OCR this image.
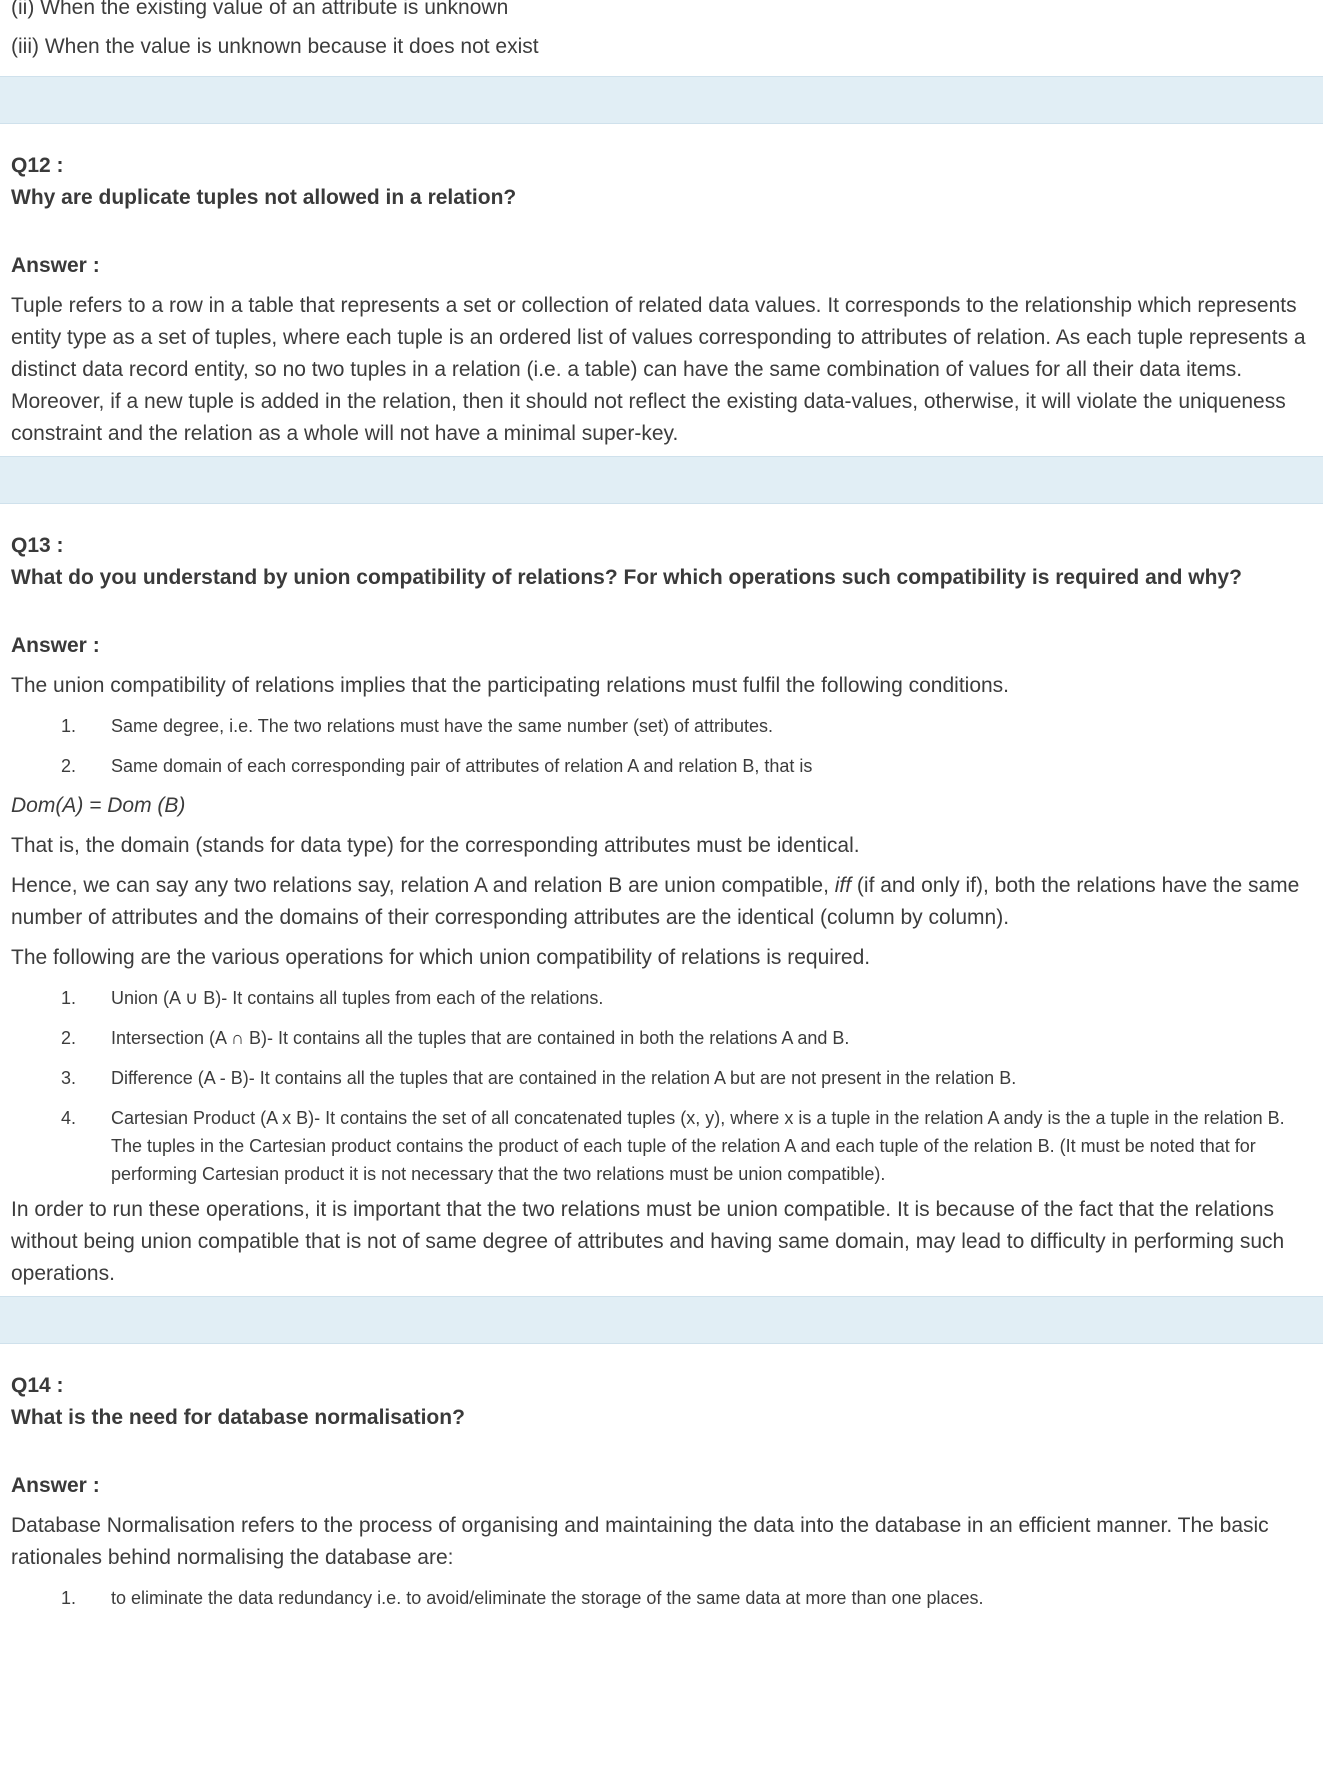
(ii) When the existing value of an attribute is unknown

(iii) When the value is unknown because it does not exist

Q12 :

Why are duplicate tuples not allowed in a relation?

Answer :

Tuple refers to a row in a table that represents a set or collection of related data values. It corresponds to the relationship which represents entity type as a set of tuples, where each tuple is an ordered list of values corresponding to attributes of relation. As each tuple represents a distinct data record entity, so no two tuples in a relation (i.e. a table) can have the same combination of values for all their data items. Moreover, if a new tuple is added in the relation, then it should not reflect the existing data-values, otherwise, it will violate the uniqueness constraint and the relation as a whole will not have a minimal super-key.

Q13 :

What do you understand by union compatibility of relations? For which operations such compatibility is required and why?

Answer :

The union compatibility of relations implies that the participating relations must fulfil the following conditions.

1.	Same degree, i.e. The two relations must have the same number (set) of attributes.
2.	Same domain of each corresponding pair of attributes of relation A and relation B, that is

Dom(A) = Dom (B)

That is, the domain (stands for data type) for the corresponding attributes must be identical.

Hence, we can say any two relations say, relation A and relation B are union compatible, iff (if and only if), both the relations have the same number of attributes and the domains of their corresponding attributes are the identical (column by column).

The following are the various operations for which union compatibility of relations is required.

1.	Union (A ∪ B)- It contains all tuples from each of the relations.
2.	Intersection (A ∩ B)- It contains all the tuples that are contained in both the relations A and B.
3.	Difference (A - B)- It contains all the tuples that are contained in the relation A but are not present in the relation B.
4.	Cartesian Product (A x B)- It contains the set of all concatenated tuples (x, y), where x is a tuple in the relation A andy is the a tuple in the relation B. The tuples in the Cartesian product contains the product of each tuple of the relation A and each tuple of the relation B. (It must be noted that for performing Cartesian product it is not necessary that the two relations must be union compatible).

In order to run these operations, it is important that the two relations must be union compatible. It is because of the fact that the relations without being union compatible that is not of same degree of attributes and having same domain, may lead to difficulty in performing such operations.

Q14 :

What is the need for database normalisation?

Answer :

Database Normalisation refers to the process of organising and maintaining the data into the database in an efficient manner. The basic rationales behind normalising the database are:

1.	to eliminate the data redundancy i.e. to avoid/eliminate the storage of the same data at more than one places.
